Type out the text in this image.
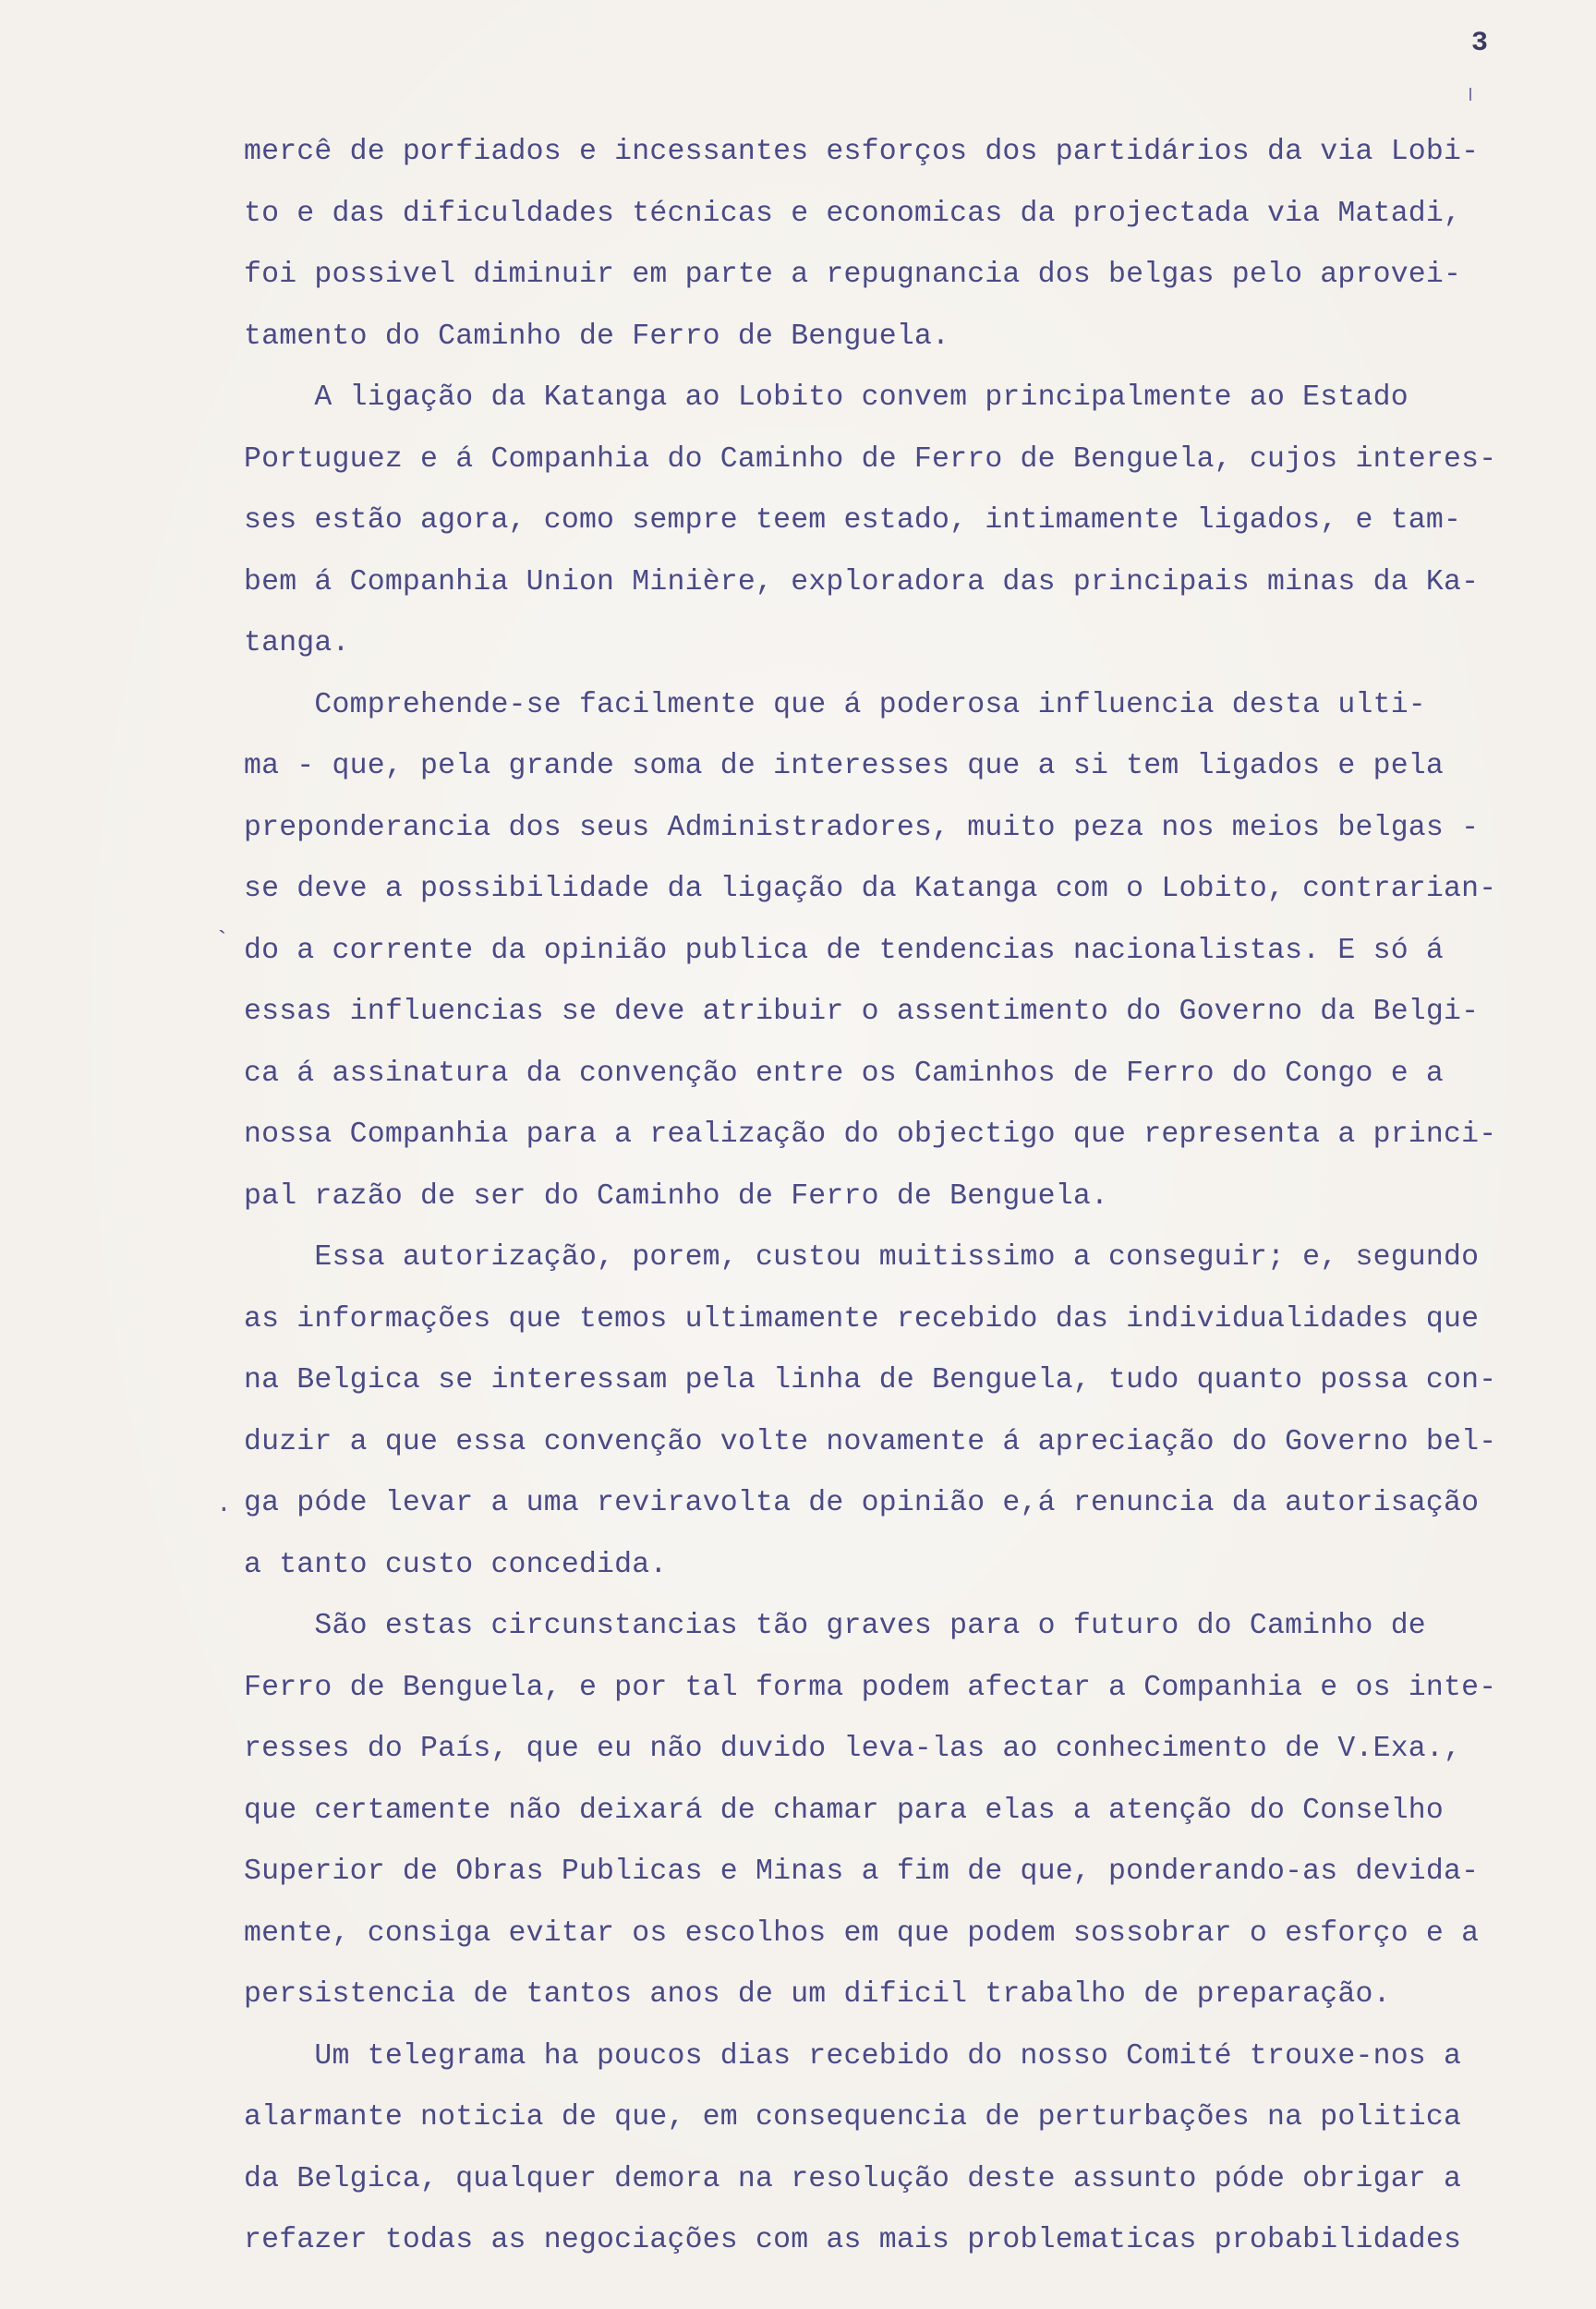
3
`
.
mercê de porfiados e incessantes esforços dos partidários da via Lobi-
to e das dificuldades técnicas e economicas da projectada via Matadi,
foi possivel diminuir em parte a repugnancia dos belgas pelo aprovei-
tamento do Caminho de Ferro de Benguela.
A ligação da Katanga ao Lobito convem principalmente ao Estado
Portuguez e á Companhia do Caminho de Ferro de Benguela, cujos interes-
ses estão agora, como sempre teem estado, intimamente ligados, e tam-
bem á Companhia Union Minière, exploradora das principais minas da Ka-
tanga.
Comprehende-se facilmente que á poderosa influencia desta ulti-
ma - que, pela grande soma de interesses que a si tem ligados e pela
preponderancia dos seus Administradores, muito peza nos meios belgas -
se deve a possibilidade da ligação da Katanga com o Lobito, contrarian-
do a corrente da opinião publica de tendencias nacionalistas. E só á
essas influencias se deve atribuir o assentimento do Governo da Belgi-
ca á assinatura da convenção entre os Caminhos de Ferro do Congo e a
nossa Companhia para a realização do objectigo que representa a princi-
pal razão de ser do Caminho de Ferro de Benguela.
Essa autorização, porem, custou muitissimo a conseguir; e, segundo
as informações que temos ultimamente recebido das individualidades que
na Belgica se interessam pela linha de Benguela, tudo quanto possa con-
duzir a que essa convenção volte novamente á apreciação do Governo bel-
ga póde levar a uma reviravolta de opinião e,á renuncia da autorisação
a tanto custo concedida.
São estas circunstancias tão graves para o futuro do Caminho de
Ferro de Benguela, e por tal forma podem afectar a Companhia e os inte-
resses do País, que eu não duvido leva-las ao conhecimento de V.Exa.,
que certamente não deixará de chamar para elas a atenção do Conselho
Superior de Obras Publicas e Minas a fim de que, ponderando-as devida-
mente, consiga evitar os escolhos em que podem sossobrar o esforço e a
persistencia de tantos anos de um dificil trabalho de preparação.
Um telegrama ha poucos dias recebido do nosso Comité trouxe-nos a
alarmante noticia de que, em consequencia de perturbações na politica
da Belgica, qualquer demora na resolução deste assunto póde obrigar a
refazer todas as negociações com as mais problematicas probabilidades
